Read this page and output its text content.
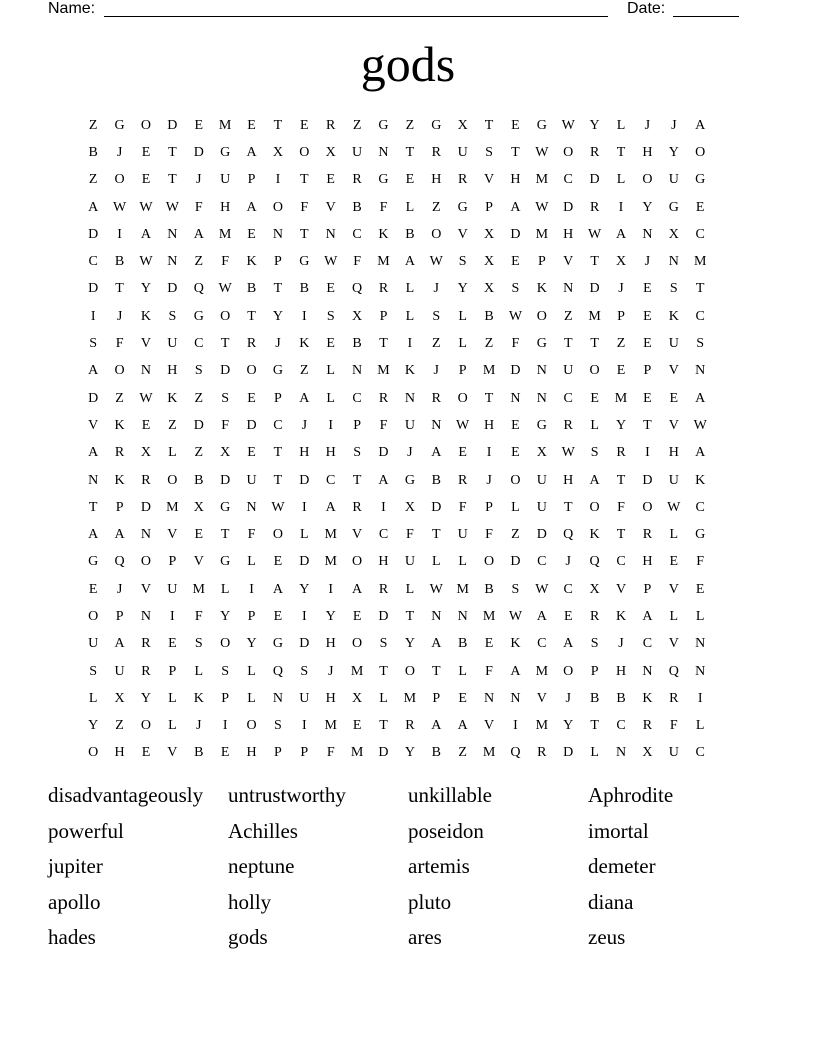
Name:	Date:
gods
Z	G	O	D	E	M	E	T	E	R	Z	G	Z	G	X	T	E	G	W	Y	L	J	J	A
B	J	E	T	D	G	A	X	O	X	U	N	T	R	U	S	T	W	O	R	T	H	Y	O
Z	O	E	T	J	U	P	I	T	E	R	G	E	H	R	V	H	M	C	D	L	O	U	G
A	W W W	F	H	A	O	F	V	B	F	L	Z	G	P	A	W	D	R	I	Y	G	E
D	I	A	N	A	M	E	N	T	N	C	K	B	O	V	X	D	M	H	W	A	N	X	C
C	B	W	N	Z	F	K	P	G	W	F	M	A	W	S	X	E	P	V	T	X	J	N	M
D	T	Y	D	Q	W	B	T	B	E	Q	R	L	J	Y	X	S	K	N	D	J	E	S	T
I	J	K	S	G	O	T	Y	I	S	X	P	L	S	L	B	W	O	Z	M	P	E	K	C
S	F	V	U	C	T	R	J	K	E	B	T	I	Z	L	Z	F	G	T	T	Z	E	U	S
A	O	N	H	S	D	O	G	Z	L	N	M	K	J	P	M	D	N	U	O	E	P	V	N
D	Z	W	K	Z	S	E	P	A	L	C	R	N	R	O	T	N	N	C	E	M	E	E	A
V	K	E	Z	D	F	D	C	J	I	P	F	U	N	W	H	E	G	R	L	Y	T	V	W
A	R	X	L	Z	X	E	T	H	H	S	D	J	A	E	I	E	X	W	S	R	I	H	A
N	K	R	O	B	D	U	T	D	C	T	A	G	B	R	J	O	U	H	A	T	D	U	K
T	P	D	M	X	G	N	W	I	A	R	I	X	D	F	P	L	U	T	O	F	O	W	C
A	A	N	V	E	T	F	O	L	M	V	C	F	T	U	F	Z	D	Q	K	T	R	L	G
G	Q	O	P	V	G	L	E	D	M	O	H	U	L	L	O	D	C	J	Q	C	H	E	F
E	J	V	U	M	L	I	A	Y	I	A	R	L	W M	B	S	W	C	X	V	P	V	E
O	P	N	I	F	Y	P	E	I	Y	E	D	T	N	N	M W	A	E	R	K	A	L	L
U	A	R	E	S	O	Y	G	D	H	O	S	Y	A	B	E	K	C	A	S	J	C	V	N
S	U	R	P	L	S	L	Q	S	J	M	T	O	T	L	F	A	M	O	P	H	N	Q	N
L	X	Y	L	K	P	L	N	U	H	X	L	M	P	E	N	N	V	J	B	B	K	R	I
Y	Z	O	L	J	I	O	S	I	M	E	T	R	A	A	V	I	M	Y	T	C	R	F	L
O	H	E	V	B	E	H	P	P	F	M	D	Y	B	Z	M	Q	R	D	L	N	X	U	C
disadvantageously	untrustworthy	unkillable	Aphrodite
powerful	Achilles	poseidon	imortal
jupiter	neptune	artemis	demeter
apollo	holly	pluto	diana
hades	gods	ares	zeus
